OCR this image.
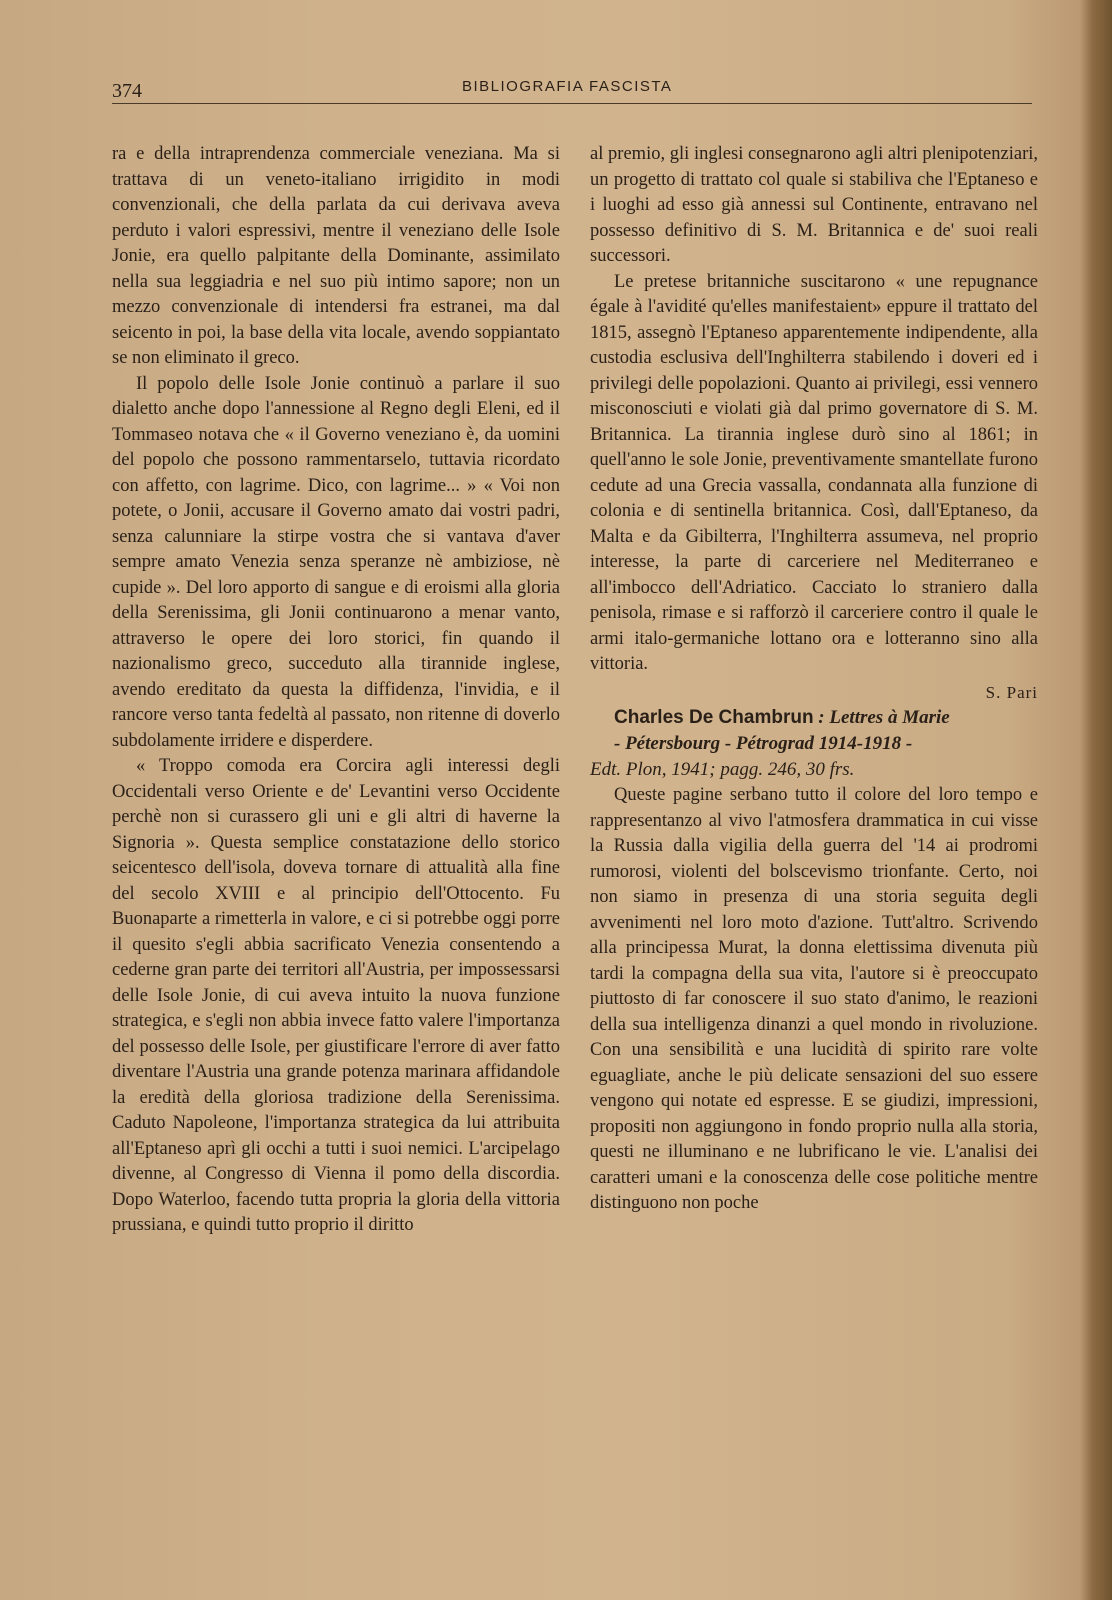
374	BIBLIOGRAFIA FASCISTA

ra e della intraprendenza commerciale veneziana. Ma si trattava di un veneto-italiano irrigidito in modi convenzionali, che della parlata da cui derivava aveva perduto i valori espressivi, mentre il veneziano delle Isole Jonie, era quello palpitante della Dominante, assimilato nella sua leggiadria e nel suo più intimo sapore; non un mezzo convenzionale di intendersi fra estranei, ma dal seicento in poi, la base della vita locale, avendo soppiantato se non eliminato il greco.

Il popolo delle Isole Jonie continuò a parlare il suo dialetto anche dopo l'annessione al Regno degli Eleni, ed il Tommaseo notava che « il Governo veneziano è, da uomini del popolo che possono rammentarselo, tuttavia ricordato con affetto, con lagrime. Dico, con lagrime... » « Voi non potete, o Jonii, accusare il Governo amato dai vostri padri, senza calunniare la stirpe vostra che si vantava d'aver sempre amato Venezia senza speranze nè ambiziose, nè cupide ». Del loro apporto di sangue e di eroismi alla gloria della Serenissima, gli Jonii continuarono a menar vanto, attraverso le opere dei loro storici, fin quando il nazionalismo greco, succeduto alla tirannide inglese, avendo ereditato da questa la diffidenza, l'invidia, e il rancore verso tanta fedeltà al passato, non ritenne di doverlo subdolamente irridere e disperdere.

« Troppo comoda era Corcira agli interessi degli Occidentali verso Oriente e de' Levantini verso Occidente perchè non si curassero gli uni e gli altri di haverne la Signoria ». Questa semplice constatazione dello storico seicentesco dell'isola, doveva tornare di attualità alla fine del secolo XVIII e al principio dell'Ottocento. Fu Buonaparte a rimetterla in valore, e ci si potrebbe oggi porre il quesito s'egli abbia sacrificato Venezia consentendo a cederne gran parte dei territori all'Austria, per impossessarsi delle Isole Jonie, di cui aveva intuito la nuova funzione strategica, e s'egli non abbia invece fatto valere l'importanza del possesso delle Isole, per giustificare l'errore di aver fatto diventare l'Austria una grande potenza marinara affidandole la eredità della gloriosa tradizione della Serenissima. Caduto Napoleone, l'importanza strategica da lui attribuita all'Eptaneso aprì gli occhi a tutti i suoi nemici. L'arcipelago divenne, al Congresso di Vienna il pomo della discordia. Dopo Waterloo, facendo tutta propria la gloria della vittoria prussiana, e quindi tutto proprio il diritto

al premio, gli inglesi consegnarono agli altri plenipotenziari, un progetto di trattato col quale si stabiliva che l'Eptaneso e i luoghi ad esso già annessi sul Continente, entravano nel possesso definitivo di S. M. Britannica e de' suoi reali successori.

Le pretese britanniche suscitarono « une repugnance égale à l'avidité qu'elles manifestaient» eppure il trattato del 1815, assegnò l'Eptaneso apparentemente indipendente, alla custodia esclusiva dell'Inghilterra stabilendo i doveri ed i privilegi delle popolazioni. Quanto ai privilegi, essi vennero misconosciuti e violati già dal primo governatore di S. M. Britannica. La tirannia inglese durò sino al 1861; in quell'anno le sole Jonie, preventivamente smantellate furono cedute ad una Grecia vassalla, condannata alla funzione di colonia e di sentinella britannica. Così, dall'Eptaneso, da Malta e da Gibilterra, l'Inghilterra assumeva, nel proprio interesse, la parte di carceriere nel Mediterraneo e all'imbocco dell'Adriatico. Cacciato lo straniero dalla penisola, rimase e si rafforzò il carceriere contro il quale le armi italo-germaniche lottano ora e lotteranno sino alla vittoria.

S. Pari

Charles De Chambrun : Lettres à Marie
- Pétersbourg - Pétrograd 1914-1918 -
Edt. Plon, 1941; pagg. 246, 30 frs.

Queste pagine serbano tutto il colore del loro tempo e rappresentanzo al vivo l'atmosfera drammatica in cui visse la Russia dalla vigilia della guerra del '14 ai prodromi rumorosi, violenti del bolscevismo trionfante. Certo, noi non siamo in presenza di una storia seguita degli avvenimenti nel loro moto d'azione. Tutt'altro. Scrivendo alla principessa Murat, la donna elettissima divenuta più tardi la compagna della sua vita, l'autore si è preoccupato piuttosto di far conoscere il suo stato d'animo, le reazioni della sua intelligenza dinanzi a quel mondo in rivoluzione. Con una sensibilità e una lucidità di spirito rare volte eguagliate, anche le più delicate sensazioni del suo essere vengono qui notate ed espresse. E se giudizi, impressioni, propositi non aggiungono in fondo proprio nulla alla storia, questi ne illuminano e ne lubrificano le vie. L'analisi dei caratteri umani e la conoscenza delle cose politiche mentre distinguono non poche
